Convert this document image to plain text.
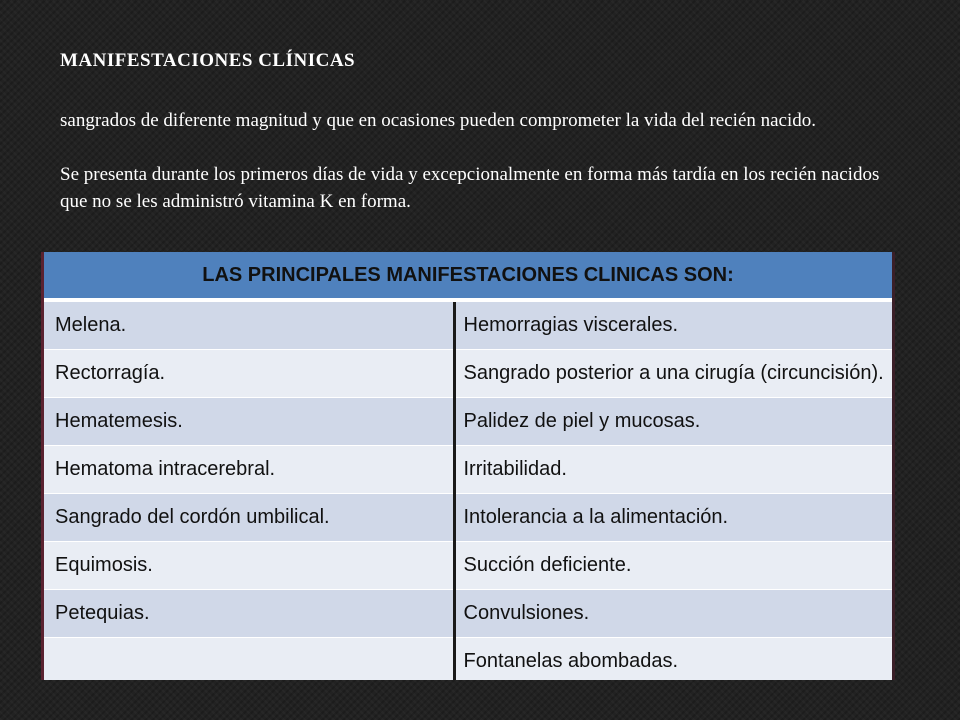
MANIFESTACIONES CLÍNICAS

sangrados de diferente magnitud y que en ocasiones pueden comprometer la vida del recién nacido.

Se presenta durante los primeros días de vida y excepcionalmente en forma más tardía en los recién nacidos que no se les administró vitamina K en forma.

LAS PRINCIPALES MANIFESTACIONES CLINICAS SON:	
Melena.	Hemorragias viscerales.
Rectorragía.	Sangrado posterior a una cirugía (circuncisión).
Hematemesis.	Palidez de piel y mucosas.
Hematoma intracerebral.	Irritabilidad.
Sangrado del cordón umbilical.	Intolerancia a la alimentación.
Equimosis.	Succión deficiente.
Petequias.	Convulsiones.
	Fontanelas abombadas.
